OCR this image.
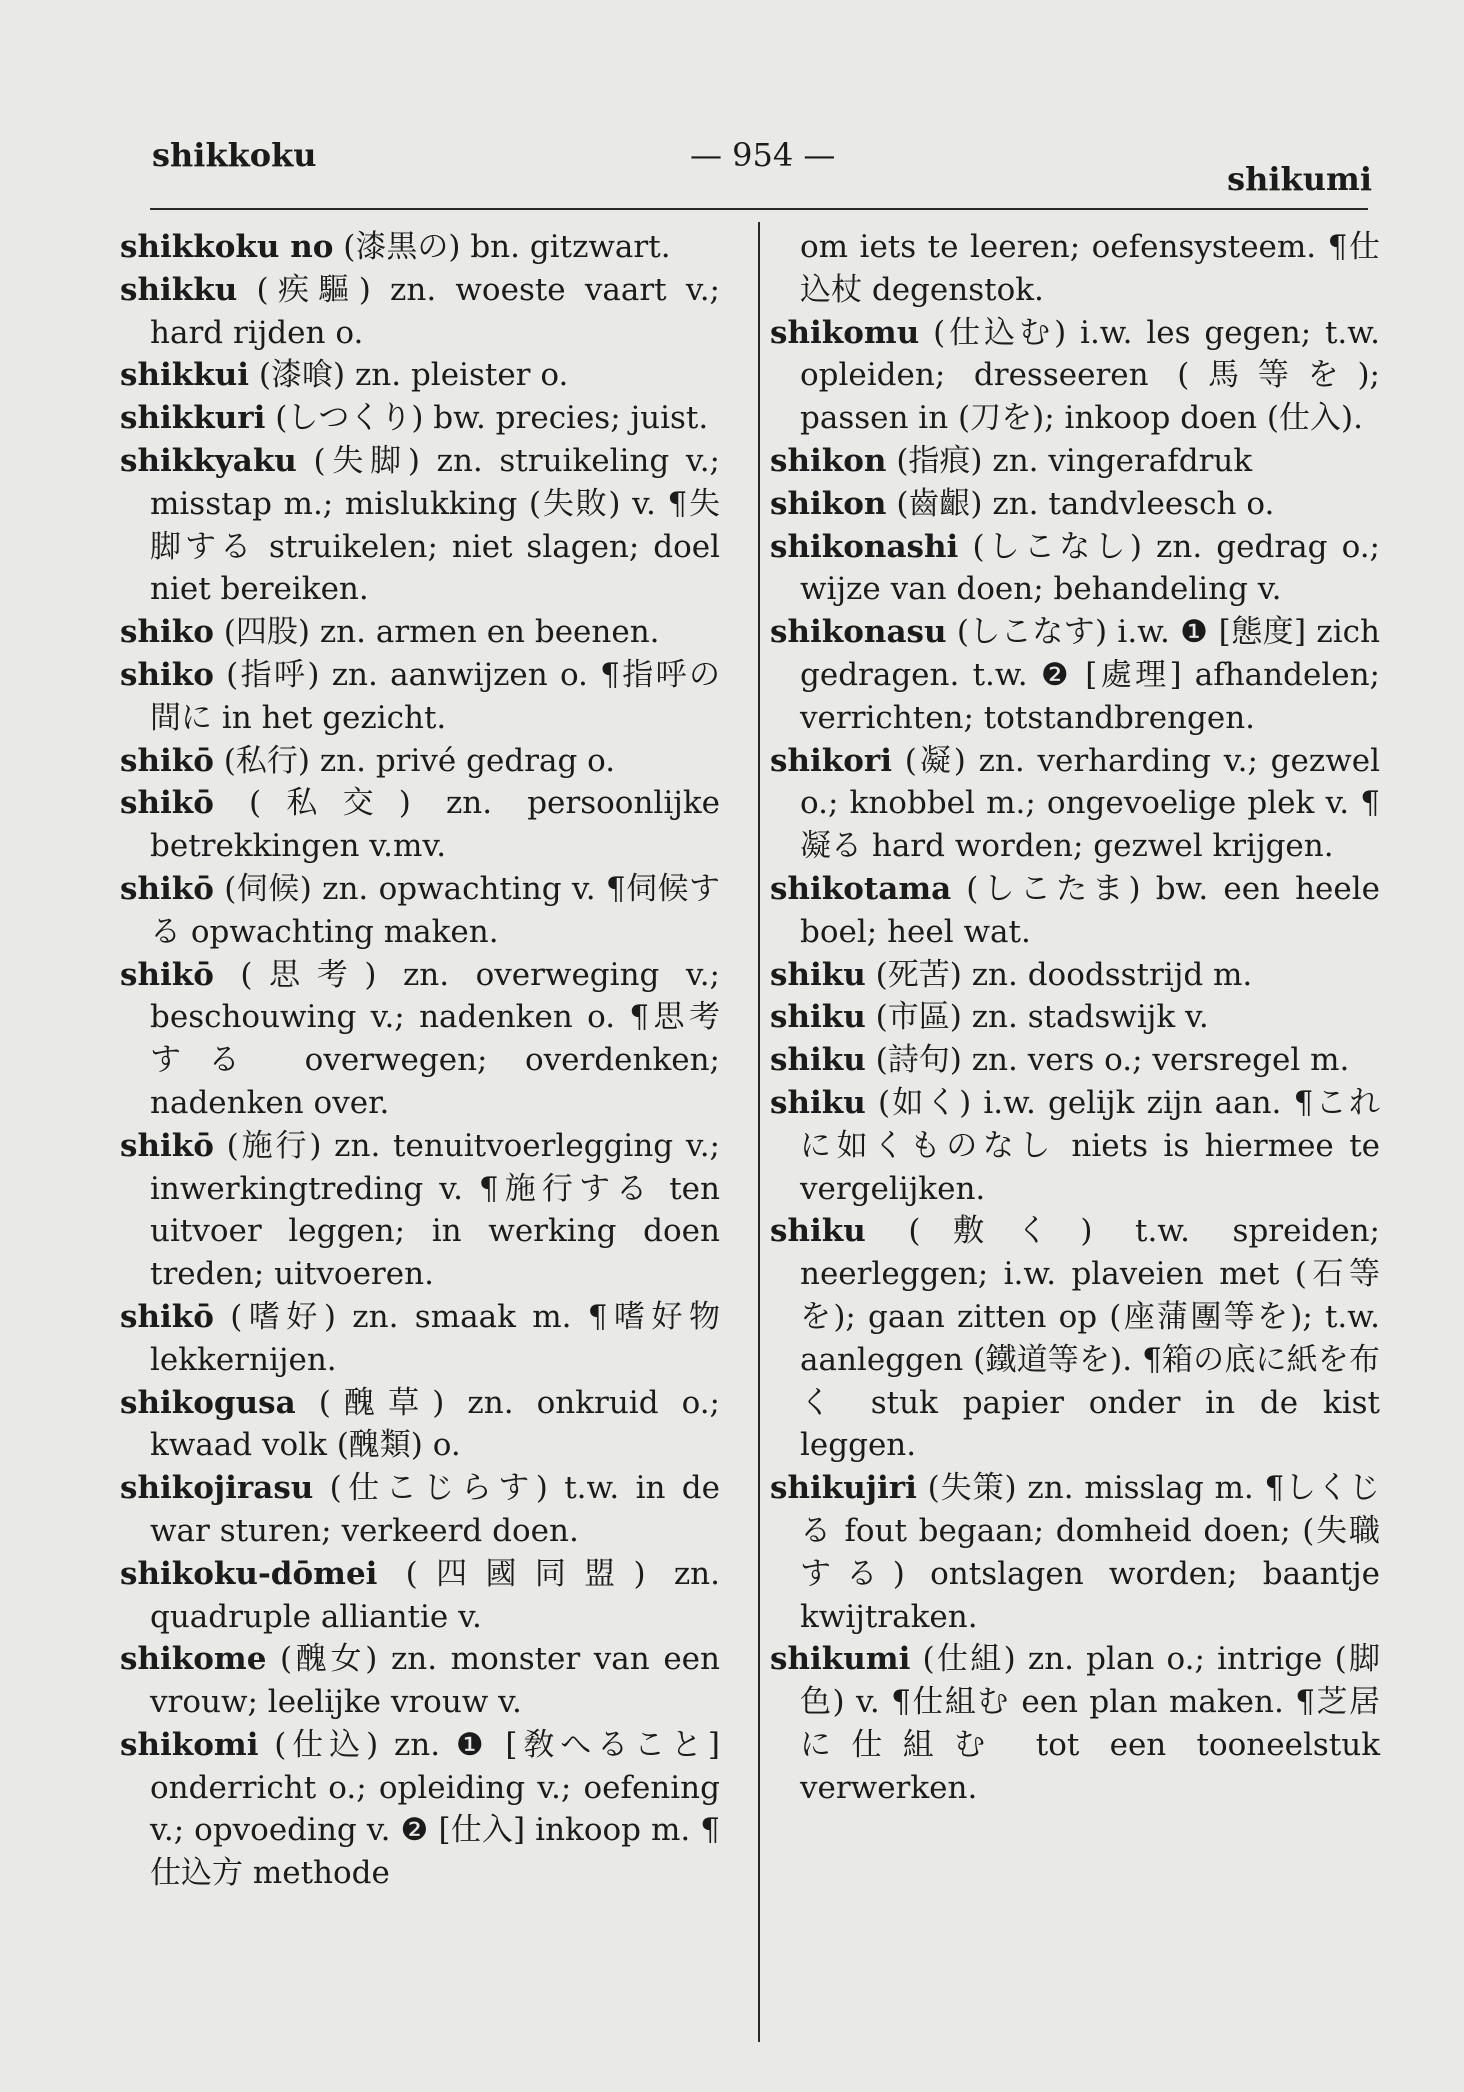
shikkoku	— 954 —
shikumi

shikkoku no (漆黒の) bn. gitzwart.

shikku (疾驅) zn. woeste vaart v.; hard rijden o.

shikkui (漆喰) zn. pleister o.

shikkuri (しつくり) bw. precies; juist.

shikkyaku (失脚) zn. struikeling v.; misstap m.; mislukking (失敗) v. ¶失脚する struikelen; niet slagen; doel niet bereiken.

shiko (四股) zn. armen en beenen.

shiko (指呼) zn. aanwijzen o. ¶指呼の間に in het gezicht.

shikō (私行) zn. privé gedrag o.

shikō (私交) zn. persoonlijke betrekkingen v.mv.

shikō (伺候) zn. opwachting v. ¶伺候する opwachting maken.

shikō (思考) zn. overweging v.; beschouwing v.; nadenken o. ¶思考する overwegen; overdenken; nadenken over.

shikō (施行) zn. tenuitvoerlegging v.; inwerkingtreding v. ¶施行する ten uitvoer leggen; in werking doen treden; uitvoeren.

shikō (嗜好) zn. smaak m. ¶嗜好物 lekkernijen.

shikogusa (醜草) zn. onkruid o.; kwaad volk (醜類) o.

shikojirasu (仕こじらす) t.w. in de war sturen; verkeerd doen.

shikoku-dōmei (四國同盟) zn. quadruple alliantie v.

shikome (醜女) zn. monster van een vrouw; leelijke vrouw v.

shikomi (仕込) zn. ❶ [敎へること] onderricht o.; opleiding v.; oefening v.; opvoeding v. ❷ [仕入] inkoop m. ¶仕込方 methode

om iets te leeren; oefensysteem. ¶仕込杖 degenstok.

shikomu (仕込む) i.w. les gegen; t.w. opleiden; dresseeren (馬等を); passen in (刀を); inkoop doen (仕入).

shikon (指痕) zn. vingerafdruk

shikon (齒齦) zn. tandvleesch o.

shikonashi (しこなし) zn. gedrag o.; wijze van doen; behandeling v.

shikonasu (しこなす) i.w. ❶ [態度] zich gedragen. t.w. ❷ [處理] afhandelen; verrichten; totstandbrengen.

shikori (凝) zn. verharding v.; gezwel o.; knobbel m.; ongevoelige plek v. ¶凝る hard worden; gezwel krijgen.

shikotama (しこたま) bw. een heele boel; heel wat.

shiku (死苦) zn. doodsstrijd m.

shiku (市區) zn. stadswijk v.

shiku (詩句) zn. vers o.; versregel m.

shiku (如く) i.w. gelijk zijn aan. ¶これに如くものなし niets is hiermee te vergelijken.

shiku (敷く) t.w. spreiden; neerleggen; i.w. plaveien met (石等を); gaan zitten op (座蒲團等を); t.w. aanleggen (鐵道等を). ¶箱の底に紙を布く stuk papier onder in de kist leggen.

shikujiri (失策) zn. misslag m. ¶しくじる fout begaan; domheid doen; (失職する) ontslagen worden; baantje kwijtraken.

shikumi (仕組) zn. plan o.; intrige (脚色) v. ¶仕組む een plan maken. ¶芝居に仕組む tot een tooneelstuk verwerken.
